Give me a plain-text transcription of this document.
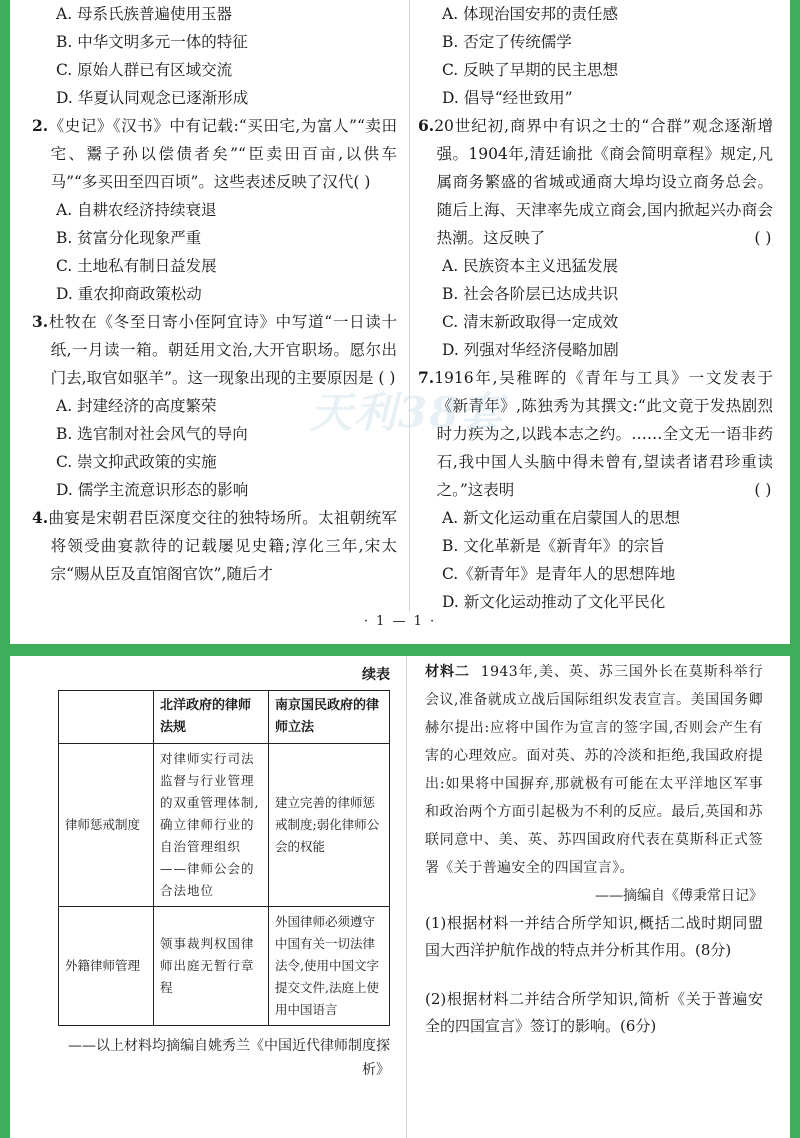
A. 母系氏族普遍使用玉器
B. 中华文明多元一体的特征
C. 原始人群已有区域交流
D. 华夏认同观念已逐渐形成
2.《史记》《汉书》中有记载:“买田宅,为富人”“卖田宅、鬻子孙以偿债者矣”“臣卖田百亩,以供车马”“多买田至四百顷”。这些表述反映了汉代( )
A. 自耕农经济持续衰退
B. 贫富分化现象严重
C. 土地私有制日益发展
D. 重农抑商政策松动
3.杜牧在《冬至日寄小侄阿宜诗》中写道“一日读十纸,一月读一箱。朝廷用文治,大开官职场。愿尔出门去,取官如驱羊”。这一现象出现的主要原因是 ( )
A. 封建经济的高度繁荣
B. 选官制对社会风气的导向
C. 崇文抑武政策的实施
D. 儒学主流意识形态的影响
4.曲宴是宋朝君臣深度交往的独特场所。太祖朝统军将领受曲宴款待的记载屡见史籍;淳化三年,宋太宗“赐从臣及直馆阁官饮”,随后才
A. 体现治国安邦的责任感
B. 否定了传统儒学
C. 反映了早期的民主思想
D. 倡导“经世致用”
6.20世纪初,商界中有识之士的“合群”观念逐渐增强。1904年,清廷谕批《商会简明章程》规定,凡属商务繁盛的省城或通商大埠均设立商务总会。随后上海、天津率先成立商会,国内掀起兴办商会热潮。这反映了	( )
A. 民族资本主义迅猛发展
B. 社会各阶层已达成共识
C. 清末新政取得一定成效
D. 列强对华经济侵略加剧
7.1916年,吴稚晖的《青年与工具》一文发表于《新青年》,陈独秀为其撰文:“此文竟于发热剧烈时力疾为之,以践本志之约。……全文无一语非药石,我中国人头脑中得未曾有,望读者诸君珍重读之。”这表明	( )
A. 新文化运动重在启蒙国人的思想
B. 文化革新是《新青年》的宗旨
C.《新青年》是青年人的思想阵地
D. 新文化运动推动了文化平民化
天利38套
· 1 — 1 ·
续表
	北洋政府的律师法规	南京国民政府的律师立法
律师惩戒制度	对律师实行司法监督与行业管理的双重管理体制,确立律师行业的自治管理组织——律师公会的合法地位	建立完善的律师惩戒制度;弱化律师公会的权能
外籍律师管理	领事裁判权国律师出庭无暂行章程	外国律师必须遵守中国有关一切法律法令,使用中国文字提交文件,法庭上使用中国语言
——以上材料均摘编自姚秀兰《中国近代律师制度探析》
材料二 1943年,美、英、苏三国外长在莫斯科举行会议,准备就成立战后国际组织发表宣言。美国国务卿赫尔提出:应将中国作为宣言的签字国,否则会产生有害的心理效应。面对英、苏的冷淡和拒绝,我国政府提出:如果将中国摒弃,那就极有可能在太平洋地区军事和政治两个方面引起极为不利的反应。最后,英国和苏联同意中、美、英、苏四国政府代表在莫斯科正式签署《关于普遍安全的四国宣言》。
——摘编自《傅秉常日记》
(1)根据材料一并结合所学知识,概括二战时期同盟国大西洋护航作战的特点并分析其作用。(8分)
(2)根据材料二并结合所学知识,简析《关于普遍安全的四国宣言》签订的影响。(6分)
